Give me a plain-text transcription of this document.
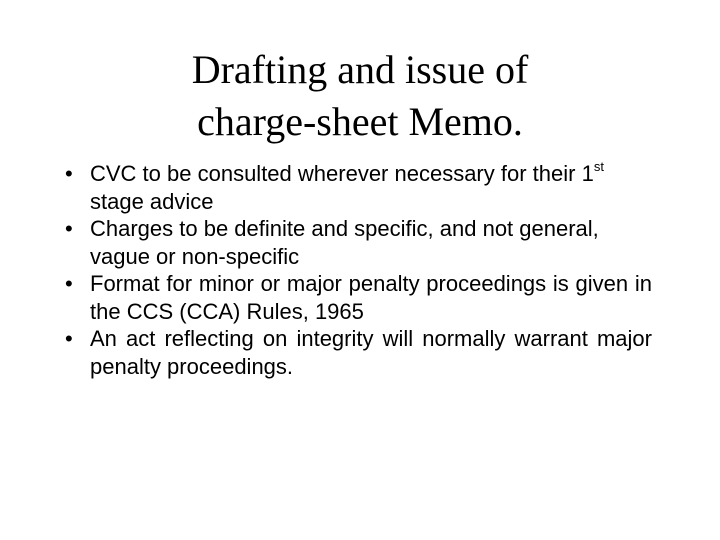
Drafting and issue of
charge-sheet Memo.
• CVC to be consulted wherever necessary for their 1st stage advice
• Charges to be definite and specific, and not general, vague or non-specific
• Format for minor or major penalty proceedings is given in the CCS (CCA) Rules, 1965
• An act reflecting on integrity will normally warrant major penalty proceedings.
